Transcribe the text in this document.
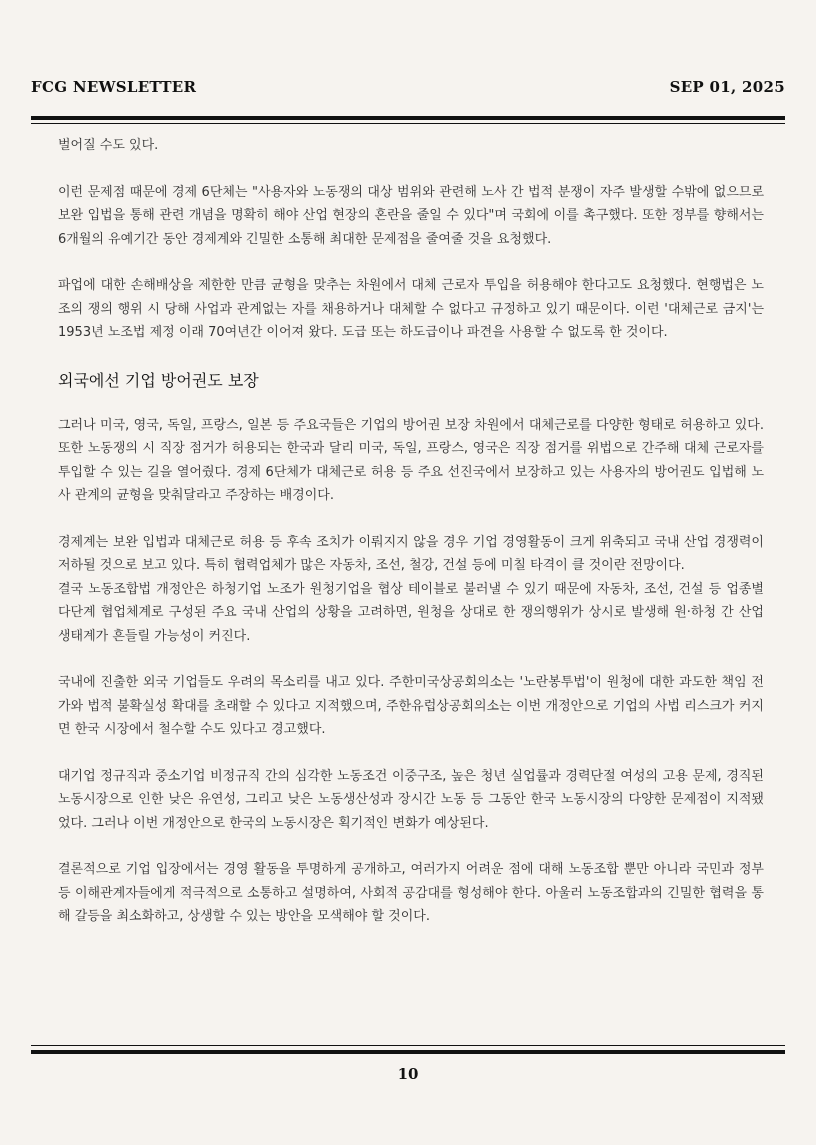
FCG NEWSLETTER	SEP 01, 2025

벌어질 수도 있다.

이런 문제점 때문에 경제 6단체는 "사용자와 노동쟁의 대상 범위와 관련해 노사 간 법적 분쟁이 자주 발생할 수밖에 없으므로 보완 입법을 통해 관련 개념을 명확히 해야 산업 현장의 혼란을 줄일 수 있다"며 국회에 이를 촉구했다. 또한 정부를 향해서는 6개월의 유예기간 동안 경제계와 긴밀한 소통해 최대한 문제점을 줄여줄 것을 요청했다.

파업에 대한 손해배상을 제한한 만큼 균형을 맞추는 차원에서 대체 근로자 투입을 허용해야 한다고도 요청했다. 현행법은 노조의 쟁의 행위 시 당해 사업과 관계없는 자를 채용하거나 대체할 수 없다고 규정하고 있기 때문이다. 이런 '대체근로 금지'는 1953년 노조법 제정 이래 70여년간 이어져 왔다. 도급 또는 하도급이나 파견을 사용할 수 없도록 한 것이다.

외국에선 기업 방어권도 보장

그러나 미국, 영국, 독일, 프랑스, 일본 등 주요국들은 기업의 방어권 보장 차원에서 대체근로를 다양한 형태로 허용하고 있다. 또한 노동쟁의 시 직장 점거가 허용되는 한국과 달리 미국, 독일, 프랑스, 영국은 직장 점거를 위법으로 간주해 대체 근로자를 투입할 수 있는 길을 열어줬다. 경제 6단체가 대체근로 허용 등 주요 선진국에서 보장하고 있는 사용자의 방어권도 입법해 노사 관계의 균형을 맞춰달라고 주장하는 배경이다.

경제계는 보완 입법과 대체근로 허용 등 후속 조치가 이뤄지지 않을 경우 기업 경영활동이 크게 위축되고 국내 산업 경쟁력이 저하될 것으로 보고 있다. 특히 협력업체가 많은 자동차, 조선, 철강, 건설 등에 미칠 타격이 클 것이란 전망이다.

결국 노동조합법 개정안은 하청기업 노조가 원청기업을 협상 테이블로 불러낼 수 있기 때문에 자동차, 조선, 건설 등 업종별 다단계 협업체계로 구성된 주요 국내 산업의 상황을 고려하면, 원청을 상대로 한 쟁의행위가 상시로 발생해 원·하청 간 산업 생태계가 흔들릴 가능성이 커진다.

국내에 진출한 외국 기업들도 우려의 목소리를 내고 있다. 주한미국상공회의소는 '노란봉투법'이 원청에 대한 과도한 책임 전가와 법적 불확실성 확대를 초래할 수 있다고 지적했으며, 주한유럽상공회의소는 이번 개정안으로 기업의 사법 리스크가 커지면 한국 시장에서 철수할 수도 있다고 경고했다.

대기업 정규직과 중소기업 비정규직 간의 심각한 노동조건 이중구조, 높은 청년 실업률과 경력단절 여성의 고용 문제, 경직된 노동시장으로 인한 낮은 유연성, 그리고 낮은 노동생산성과 장시간 노동 등 그동안 한국 노동시장의 다양한 문제점이 지적됐었다. 그러나 이번 개정안으로 한국의 노동시장은 획기적인 변화가 예상된다.

결론적으로 기업 입장에서는 경영 활동을 투명하게 공개하고, 여러가지 어려운 점에 대해 노동조합 뿐만 아니라 국민과 정부 등 이해관계자들에게 적극적으로 소통하고 설명하여, 사회적 공감대를 형성해야 한다. 아울러 노동조합과의 긴밀한 협력을 통해 갈등을 최소화하고, 상생할 수 있는 방안을 모색해야 할 것이다.

10
